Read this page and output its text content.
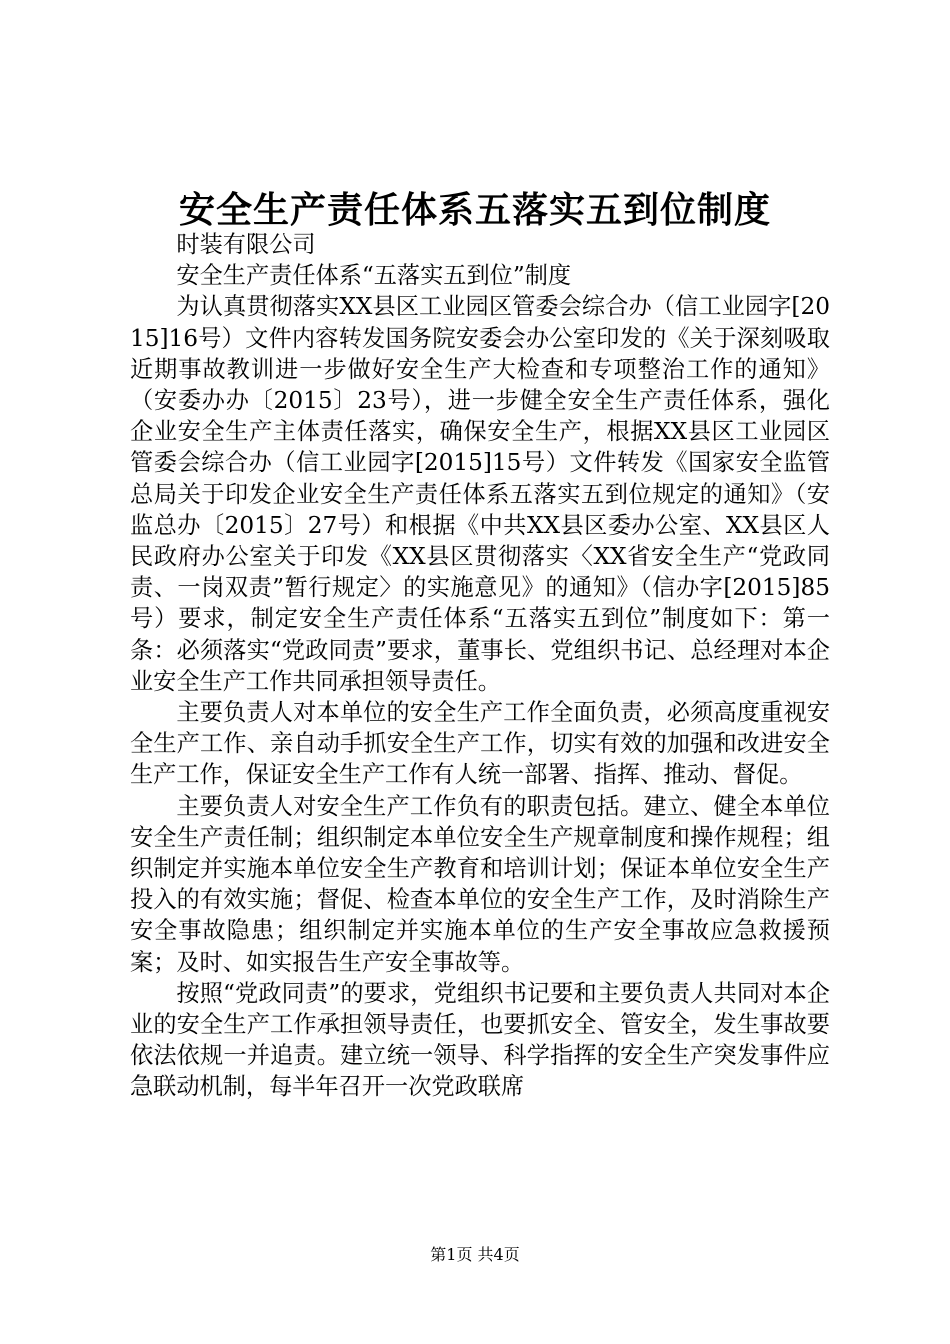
安全生产责任体系五落实五到位制度

时装有限公司

安全生产责任体系“五落实五到位”制度

为认真贯彻落实XX县区工业园区管委会综合办（信工业园字[2015]16号）文件内容转发国务院安委会办公室印发的《关于深刻吸取近期事故教训进一步做好安全生产大检查和专项整治工作的通知》（安委办办〔2015〕23号），进一步健全安全生产责任体系，强化企业安全生产主体责任落实，确保安全生产，根据XX县区工业园区管委会综合办（信工业园字[2015]15号）文件转发《国家安全监管总局关于印发企业安全生产责任体系五落实五到位规定的通知》（安监总办〔2015〕27号）和根据《中共XX县区委办公室、XX县区人民政府办公室关于印发《XX县区贯彻落实〈XX省安全生产“党政同责、一岗双责”暂行规定〉的实施意见》的通知》（信办字[2015]85号）要求，制定安全生产责任体系“五落实五到位”制度如下：第一条：必须落实“党政同责”要求，董事长、党组织书记、总经理对本企业安全生产工作共同承担领导责任。

主要负责人对本单位的安全生产工作全面负责，必须高度重视安全生产工作、亲自动手抓安全生产工作，切实有效的加强和改进安全生产工作，保证安全生产工作有人统一部署、指挥、推动、督促。

主要负责人对安全生产工作负有的职责包括。建立、健全本单位安全生产责任制；组织制定本单位安全生产规章制度和操作规程；组织制定并实施本单位安全生产教育和培训计划；保证本单位安全生产投入的有效实施；督促、检查本单位的安全生产工作，及时消除生产安全事故隐患；组织制定并实施本单位的生产安全事故应急救援预案；及时、如实报告生产安全事故等。

按照“党政同责”的要求，党组织书记要和主要负责人共同对本企业的安全生产工作承担领导责任，也要抓安全、管安全，发生事故要依法依规一并追责。建立统一领导、科学指挥的安全生产突发事件应急联动机制，每半年召开一次党政联席

第1页 共4页
